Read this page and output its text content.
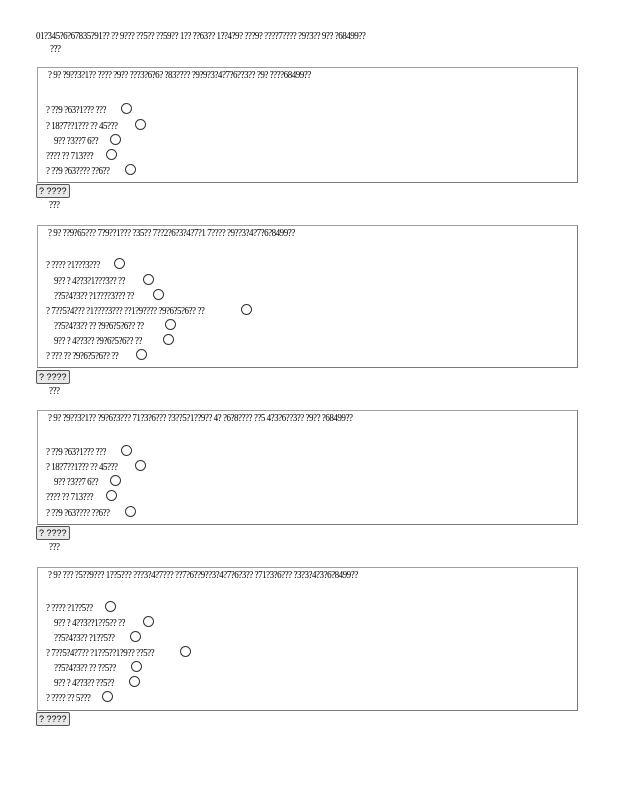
01?345?6?67835?91?? ?? 9??? ??5?? ??59?? 1?? ??63?? 1??4?9? ???9? ????7???? ?9?3?? 9?? ?68499??
???
? 9? ?9??3?1?? ???? ?9?? ???3?6?6? ?83???? ?9?9?3?4?7?6??3?? ?9? ????68499??
? ??9 ?63?1??? ???
? 18?7??1??? ?? 45???
9?? ?3??7 6??
???? ?? 713???
? ??9 ?63???? ??6??
? ????
???
? 9? ??9?65??? 7?9??1??? ?35?? 7??2?6?3?4?7?1 7???? ?9??3?4?7?6?8499??
? ???? ?1???3???
9?? ? 4??3?1???3?? ??
??5?4?3?? ?1????3??? ??
? 7??5?4??? ?1????3??? ??1?9???? ?9?6?5?6?? ??
??5?4?3?? ?? ?9?6?5?6?? ??
9?? ? 4??3?? ?9?6?5?6?? ??
? ??? ?? ?9?6?5?6?? ??
? ????
???
? 9? ?9??3?1?? ?9?6?3??? 71?3?6??? ?3??5?1??9?? 4? ?6?8???? ??5 4?3?6??3?? ?9?? ?68499??
? ??9 ?63?1??? ???
? 18?7??1??? ?? 45???
9?? ?3??7 6??
???? ?? 713???
? ??9 ?63???? ??6??
? ????
???
? 9? ??? ?5??9??? 1??5??? ???3?4?7??? ??7?6??9??3?4?7?6?3?? ?71?3?6??? ?3?3?4?3?6?8499??
? ???? ?1??5??
9?? ? 4??3??1??5?? ??
??5?4?3?? ?1??5??
? 7??5?4?7?? ?1??5??1?9?? ??5??
??5?4?3?? ?? ??5??
9?? ? 4??3?? ??5??
? ???? ?? 5???
? ????
